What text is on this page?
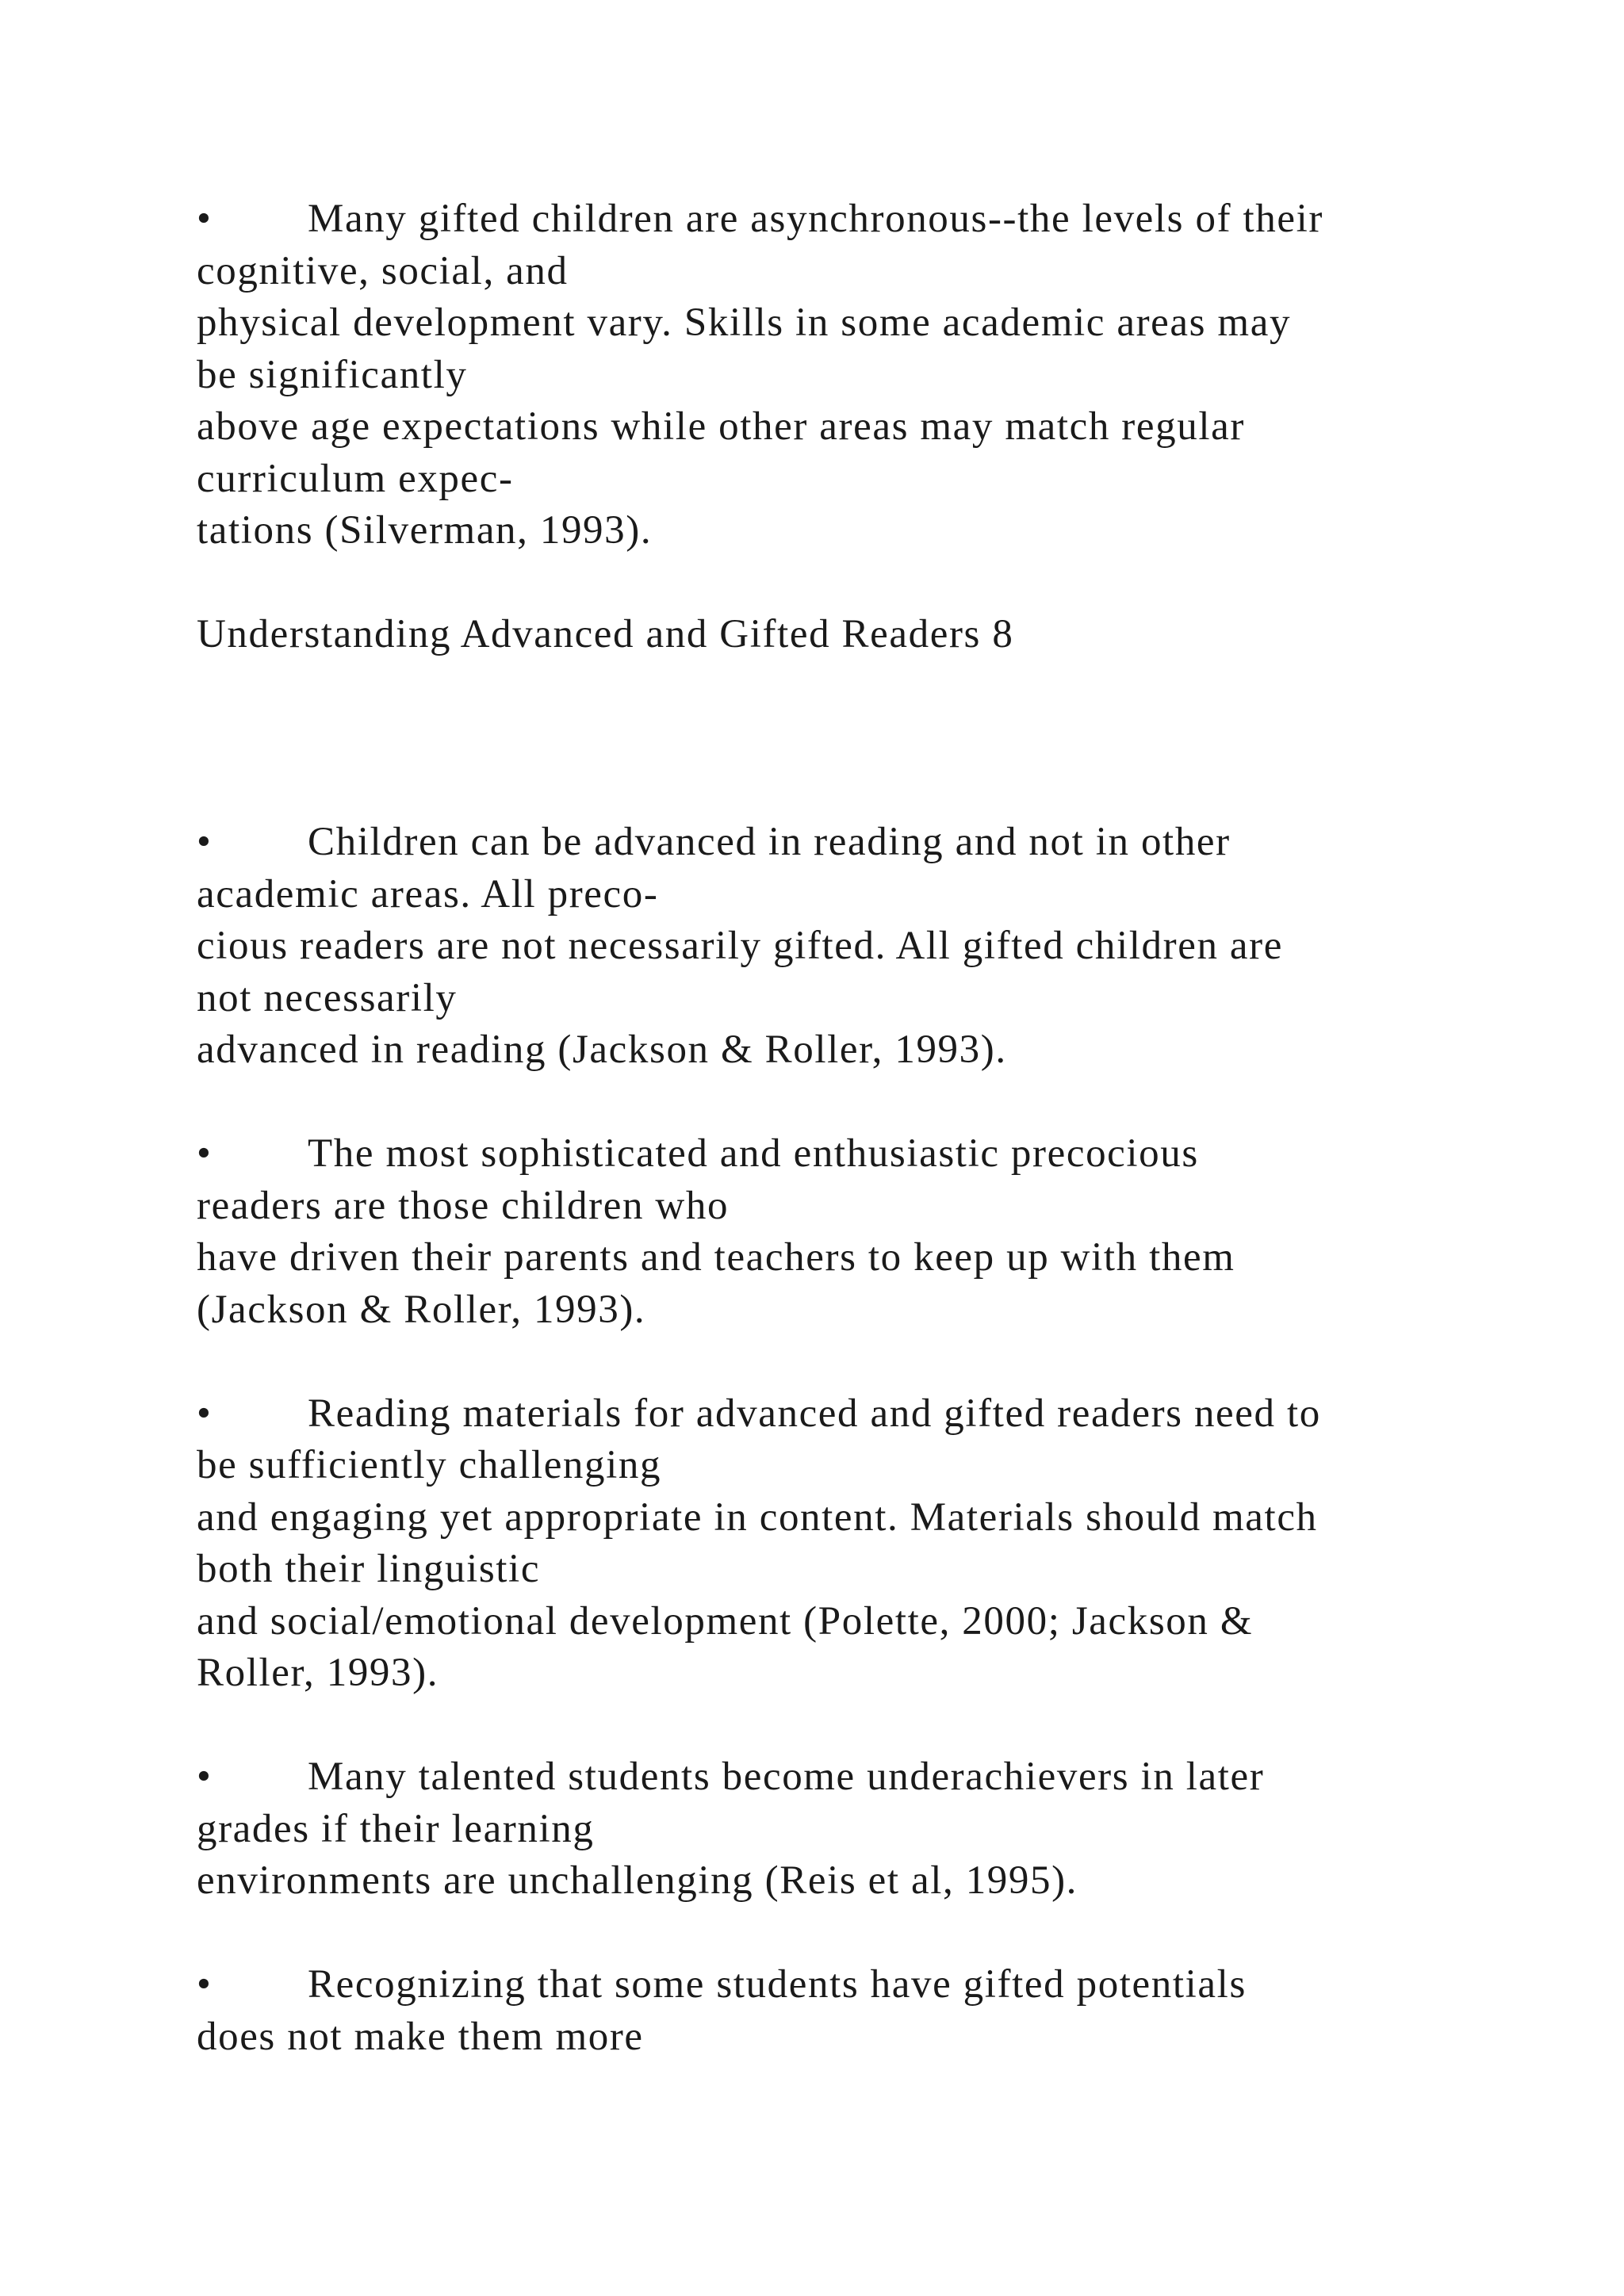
• Many gifted children are asynchronous--the levels of their
cognitive, social, and
physical development vary. Skills in some academic areas may
be significantly
above age expectations while other areas may match regular
curriculum expec-
tations (Silverman, 1993).
Understanding Advanced and Gifted Readers 8
• Children can be advanced in reading and not in other
academic areas. All preco-
cious readers are not necessarily gifted. All gifted children are
not necessarily
advanced in reading (Jackson & Roller, 1993).
• The most sophisticated and enthusiastic precocious
readers are those children who
have driven their parents and teachers to keep up with them
(Jackson & Roller, 1993).
• Reading materials for advanced and gifted readers need to
be sufficiently challenging
and engaging yet appropriate in content. Materials should match
both their linguistic
and social/emotional development (Polette, 2000; Jackson &
Roller, 1993).
• Many talented students become underachievers in later
grades if their learning
environments are unchallenging (Reis et al, 1995).
• Recognizing that some students have gifted potentials
does not make them more
